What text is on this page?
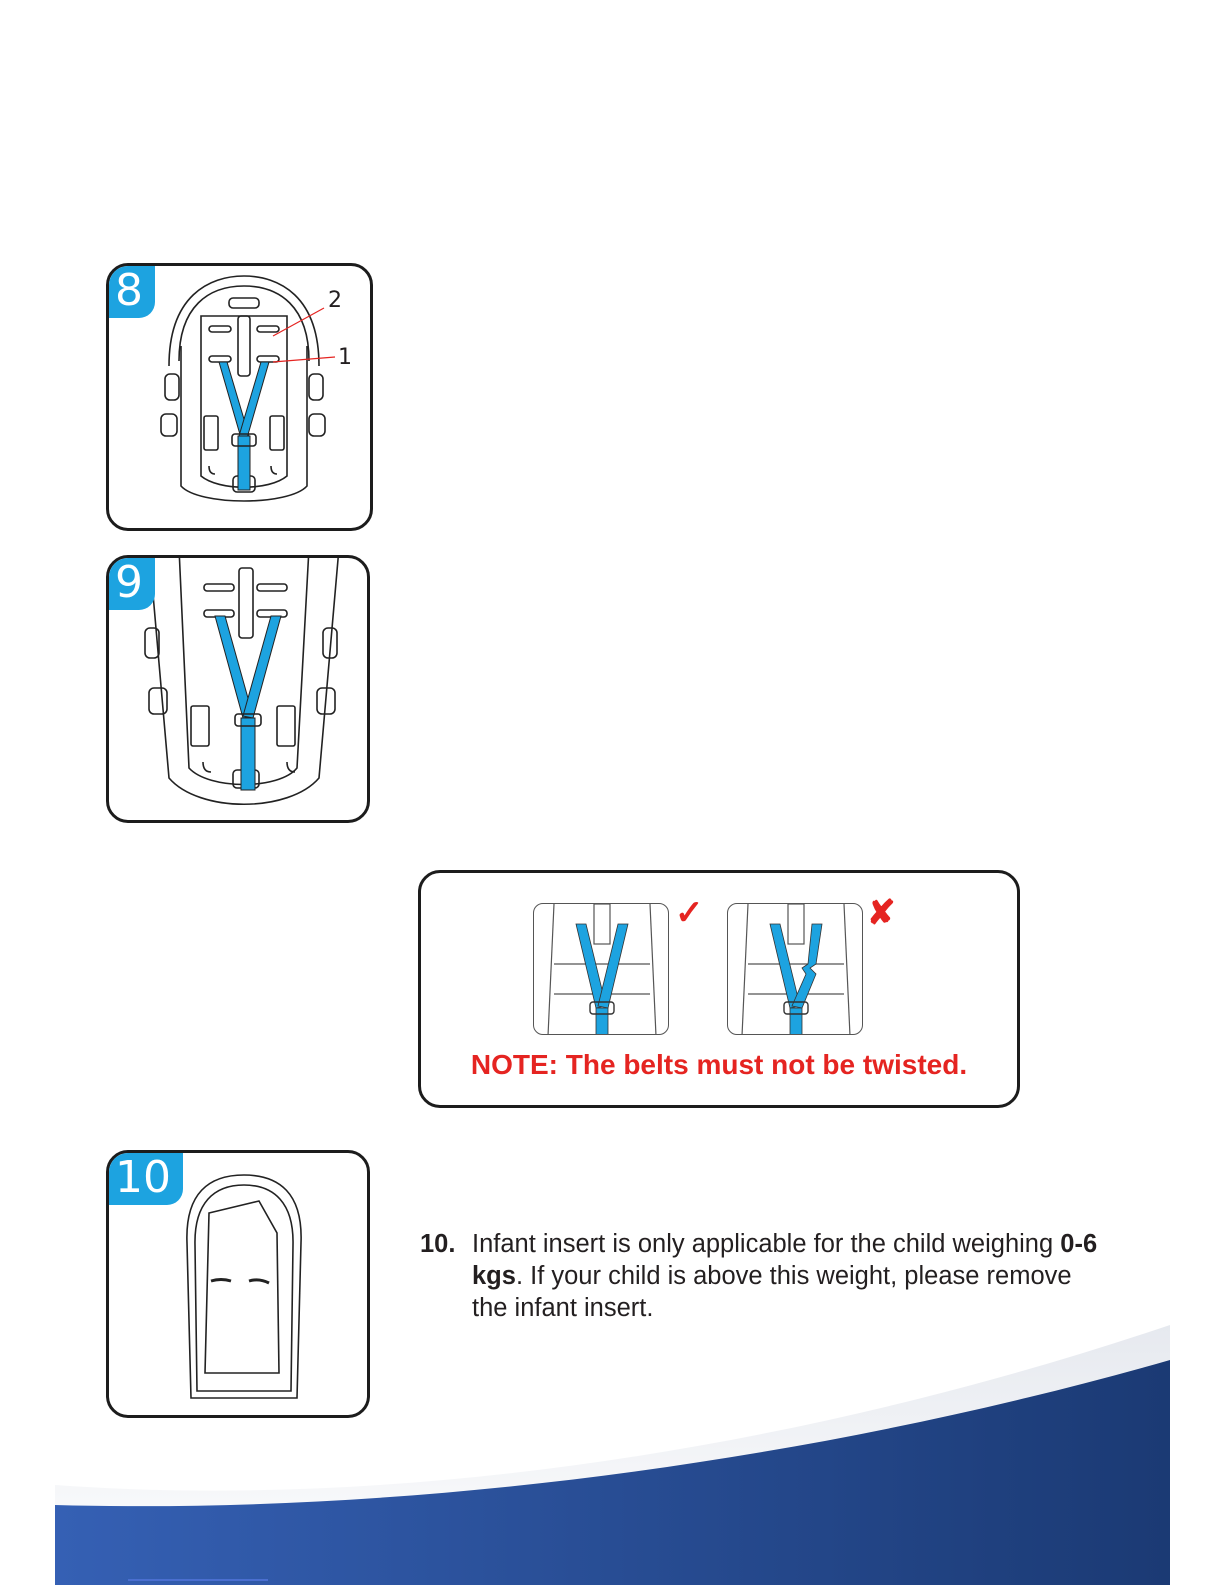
8	2
1
9
✓	✘
NOTE: The belts must not be twisted.
10
10. Infant insert is only applicable for the child weighing 0-6 kgs. If your child is above this weight, please remove the infant insert.
